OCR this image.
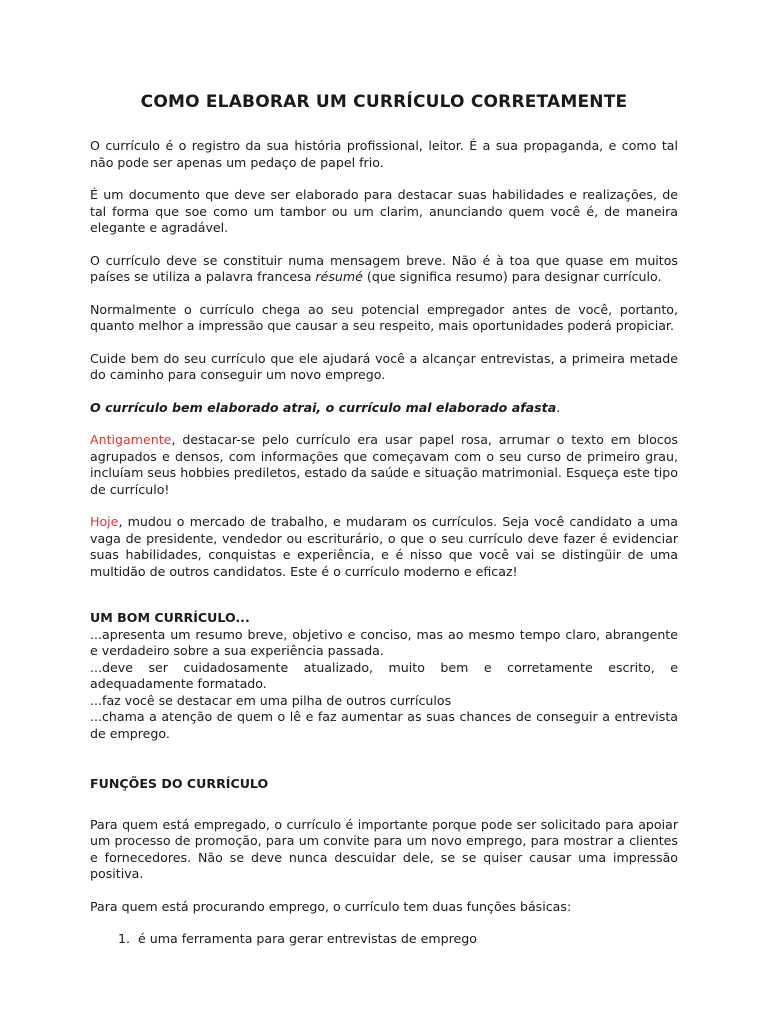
COMO ELABORAR UM CURRÍCULO CORRETAMENTE

O currículo é o registro da sua história profissional, leitor. É a sua propaganda, e como tal não pode ser apenas um pedaço de papel frio.

É um documento que deve ser elaborado para destacar suas habilidades e realizações, de tal forma que soe como um tambor ou um clarim, anunciando quem você é, de maneira elegante e agradável.

O currículo deve se constituir numa mensagem breve. Não é à toa que quase em muitos países se utiliza a palavra francesa résumé (que significa resumo) para designar currículo.

Normalmente o currículo chega ao seu potencial empregador antes de você, portanto, quanto melhor a impressão que causar a seu respeito, mais oportunidades poderá propiciar.

Cuide bem do seu currículo que ele ajudará você a alcançar entrevistas, a primeira metade do caminho para conseguir um novo emprego.

O currículo bem elaborado atrai, o currículo mal elaborado afasta.

Antigamente, destacar-se pelo currículo era usar papel rosa, arrumar o texto em blocos agrupados e densos, com informações que começavam com o seu curso de primeiro grau, incluíam seus hobbies prediletos, estado da saúde e situação matrimonial. Esqueça este tipo de currículo!

Hoje, mudou o mercado de trabalho, e mudaram os currículos. Seja você candidato a uma vaga de presidente, vendedor ou escriturário, o que o seu currículo deve fazer é evidenciar suas habilidades, conquistas e experiência, e é nisso que você vai se distingüir de uma multidão de outros candidatos. Este é o currículo moderno e eficaz!

UM BOM CURRÍCULO...

...apresenta um resumo breve, objetivo e conciso, mas ao mesmo tempo claro, abrangente e verdadeiro sobre a sua experiência passada.

...deve ser cuidadosamente atualizado, muito bem e corretamente escrito, e adequadamente formatado.

...faz você se destacar em uma pilha de outros currículos

...chama a atenção de quem o lê e faz aumentar as suas chances de conseguir a entrevista de emprego.

FUNÇÕES DO CURRÍCULO

Para quem está empregado, o currículo é importante porque pode ser solicitado para apoiar um processo de promoção, para um convite para um novo emprego, para mostrar a clientes e fornecedores. Não se deve nunca descuidar dele, se se quiser causar uma impressão positiva.

Para quem está procurando emprego, o currículo tem duas funções básicas:

1. é uma ferramenta para gerar entrevistas de emprego
